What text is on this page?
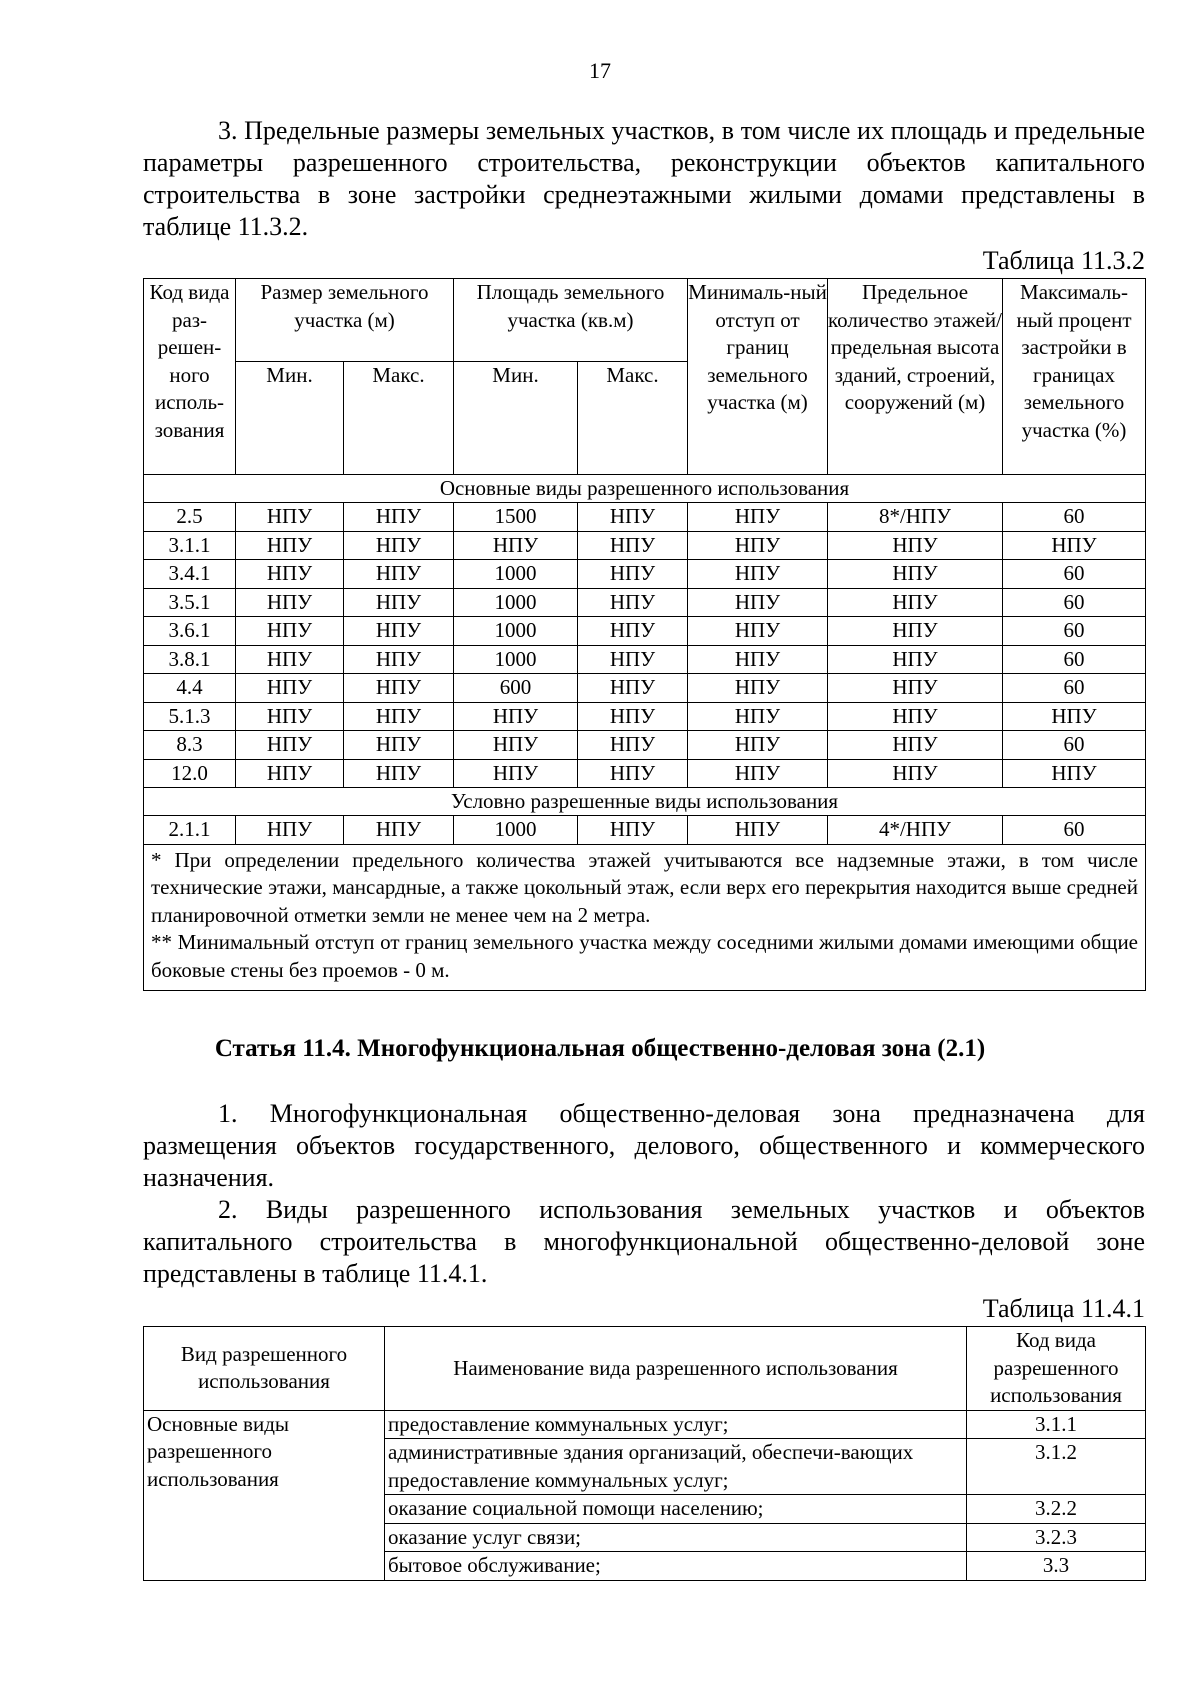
17
3. Предельные размеры земельных участков, в том числе их площадь и предельные параметры разрешенного строительства, реконструкции объектов капитального строительства в зоне застройки среднеэтажными жилыми домами представлены в таблице 11.3.2.
Таблица 11.3.2
Код вида раз-решен-ного исполь-зования	Размер земельного участка (м)		Площадь земельного участка (кв.м)		Минималь-ный отступ от границ земельного участка (м)	Предельное количество этажей/ предельная высота зданий, строений, сооружений (м)	Максималь-ный процент застройки в границах земельного участка (%)
	Мин.	Макс.	Мин.	Макс.			
Основные виды разрешенного использования							
2.5	НПУ	НПУ	1500	НПУ	НПУ	8*/НПУ	60
3.1.1	НПУ	НПУ	НПУ	НПУ	НПУ	НПУ	НПУ
3.4.1	НПУ	НПУ	1000	НПУ	НПУ	НПУ	60
3.5.1	НПУ	НПУ	1000	НПУ	НПУ	НПУ	60
3.6.1	НПУ	НПУ	1000	НПУ	НПУ	НПУ	60
3.8.1	НПУ	НПУ	1000	НПУ	НПУ	НПУ	60
4.4	НПУ	НПУ	600	НПУ	НПУ	НПУ	60
5.1.3	НПУ	НПУ	НПУ	НПУ	НПУ	НПУ	НПУ
8.3	НПУ	НПУ	НПУ	НПУ	НПУ	НПУ	60
12.0	НПУ	НПУ	НПУ	НПУ	НПУ	НПУ	НПУ
Условно разрешенные виды использования							
2.1.1	НПУ	НПУ	1000	НПУ	НПУ	4*/НПУ	60

* При определении предельного количества этажей учитываются все надземные этажи, в том числе технические этажи, мансардные, а также цокольный этаж, если верх его перекрытия находится выше средней планировочной отметки земли не менее чем на 2 метра.
** Минимальный отступ от границ земельного участка между соседними жилыми домами имеющими общие боковые стены без проемов - 0 м.							
Статья 11.4. Многофункциональная общественно-деловая зона (2.1)
1. Многофункциональная общественно-деловая зона предназначена для размещения объектов государственного, делового, общественного и коммерческого назначения.
2. Виды разрешенного использования земельных участков и объектов капитального строительства в многофункциональной общественно-деловой зоне представлены в таблице 11.4.1.
Таблица 11.4.1
Вид разрешенного использования	Наименование вида разрешенного использования	Код вида разрешенного использования
Основные виды разрешенного использования	предоставление коммунальных услуг;	3.1.1
	административные здания организаций, обеспечи-вающих предоставление коммунальных услуг;	3.1.2
	оказание социальной помощи населению;	3.2.2
	оказание услуг связи;	3.2.3
	бытовое обслуживание;	3.3
